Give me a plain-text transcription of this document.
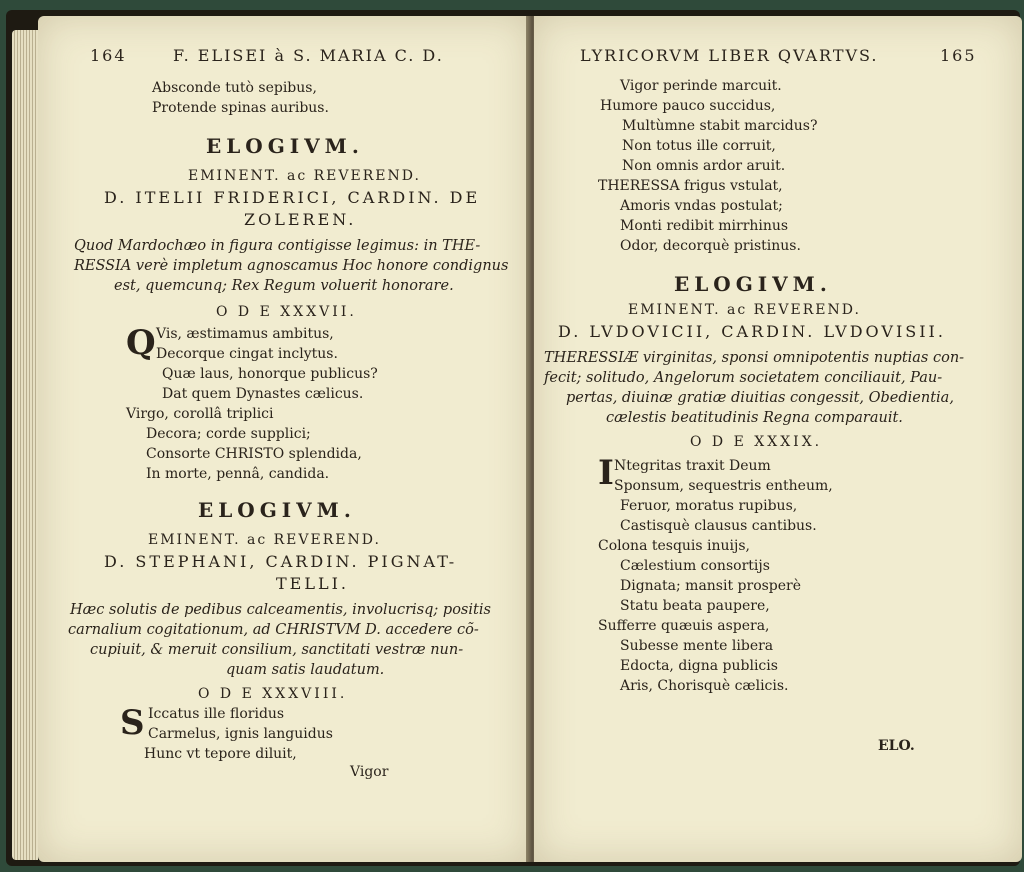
164	F. ELISEI à S. MARIA C. D.
Absconde tutò sepibus,
Protende spinas auribus.
ELOGIVM.
EMINENT. ac REVEREND.
D. ITELII FRIDERICI, CARDIN. DE
ZOLEREN.
Quod Mardochæo in figura contigisse legimus: in THE-
RESSIA verè impletum agnoscamus Hoc honore condignus
est, quemcunq; Rex Regum voluerit honorare.
O D E XXXVII.
Q Vis, æstimamus ambitus,
Decorque cingat inclytus.
Quæ laus, honorque publicus?
Dat quem Dynastes cælicus.
Virgo, corollâ triplici
Decora; corde supplici;
Consorte CHRISTO splendida,
In morte, pennâ, candida.
ELOGIVM.
EMINENT. ac REVEREND.
D. STEPHANI, CARDIN. PIGNAT-
TELLI.
Hæc solutis de pedibus calceamentis, involucrisq; positis
carnalium cogitationum, ad CHRISTVM D. accedere cõ-
cupiuit, & meruit consilium, sanctitati vestræ nun-
quam satis laudatum.
O D E XXXVIII.
S Iccatus ille floridus
Carmelus, ignis languidus
Hunc vt tepore diluit,
Vigor
LYRICORVM LIBER QVARTVS.	165
Vigor perinde marcuit.
Humore pauco succidus,
Multùmne stabit marcidus?
Non totus ille corruit,
Non omnis ardor aruit.
THERESSA frigus vstulat,
Amoris vndas postulat;
Monti redibit mirrhinus
Odor, decorquè pristinus.
ELOGIVM.
EMINENT. ac REVEREND.
D. LVDOVICII, CARDIN. LVDOVISII.
THERESSIÆ virginitas, sponsi omnipotentis nuptias con-
fecit; solitudo, Angelorum societatem conciliauit, Pau-
pertas, diuinæ gratiæ diuitias congessit, Obedientia,
cælestis beatitudinis Regna comparauit.
O D E XXXIX.
I Ntegritas traxit Deum
Sponsum, sequestris entheum,
Feruor, moratus rupibus,
Castisquè clausus cantibus.
Colona tesquis inuijs,
Cælestium consortijs
Dignata; mansit prosperè
Statu beata paupere,
Sufferre quæuis aspera,
Subesse mente libera
Edocta, digna publicis
Aris, Chorisquè cælicis.
ELO.
